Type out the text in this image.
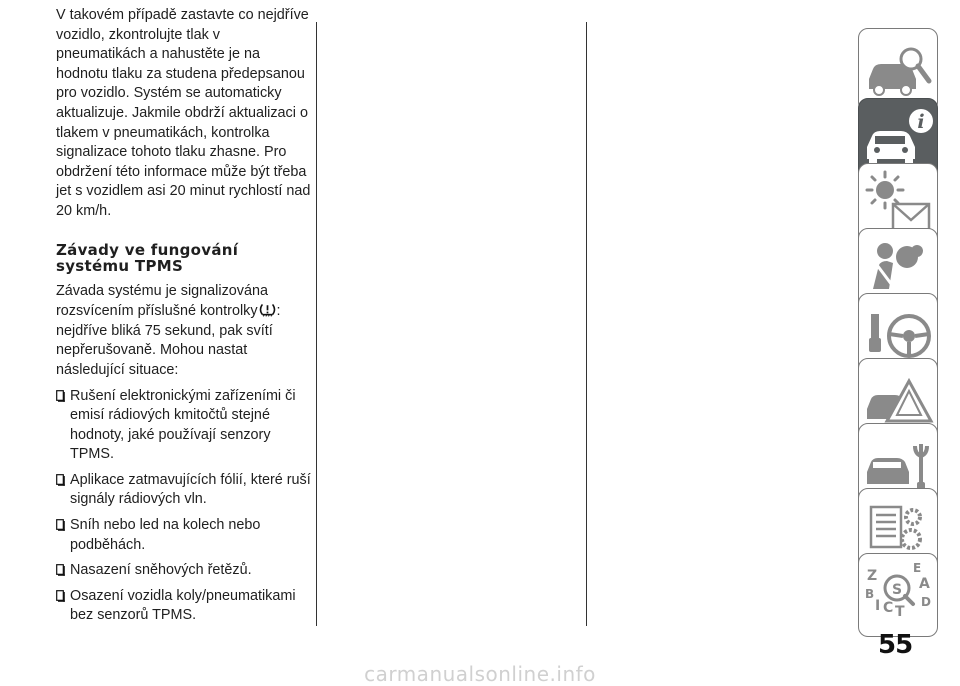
V takovém případě zastavte co nejdříve vozidlo, zkontrolujte tlak v pneumatikách a nahustěte je na hodnotu tlaku za studena předepsanou pro vozidlo. Systém se automaticky aktualizuje. Jakmile obdrží aktualizaci o tlakem v pneumatikách, kontrolka signalizace tohoto tlaku zhasne. Pro obdržení této informace může být třeba jet s vozidlem asi 20 minut rychlostí nad 20 km/h.

Závady ve fungování
systému TPMS

Závada systému je signalizována rozsvícením příslušné kontrolky : nejdříve bliká 75 sekund, pak svítí nepřerušovaně. Mohou nastat následující situace:

Rušení elektronickými zařízeními či emisí rádiových kmitočtů stejné hodnoty, jaké používají senzory TPMS.
Aplikace zatmavujících fólií, které ruší signály rádiových vln.
Sníh nebo led na kolech nebo podběhách.
Nasazení sněhových řetězů.
Osazení vozidla koly/pneumatikami bez senzorů TPMS.
i
Z	E
A
B
D
I C T
S
55
carmanualsonline.info
